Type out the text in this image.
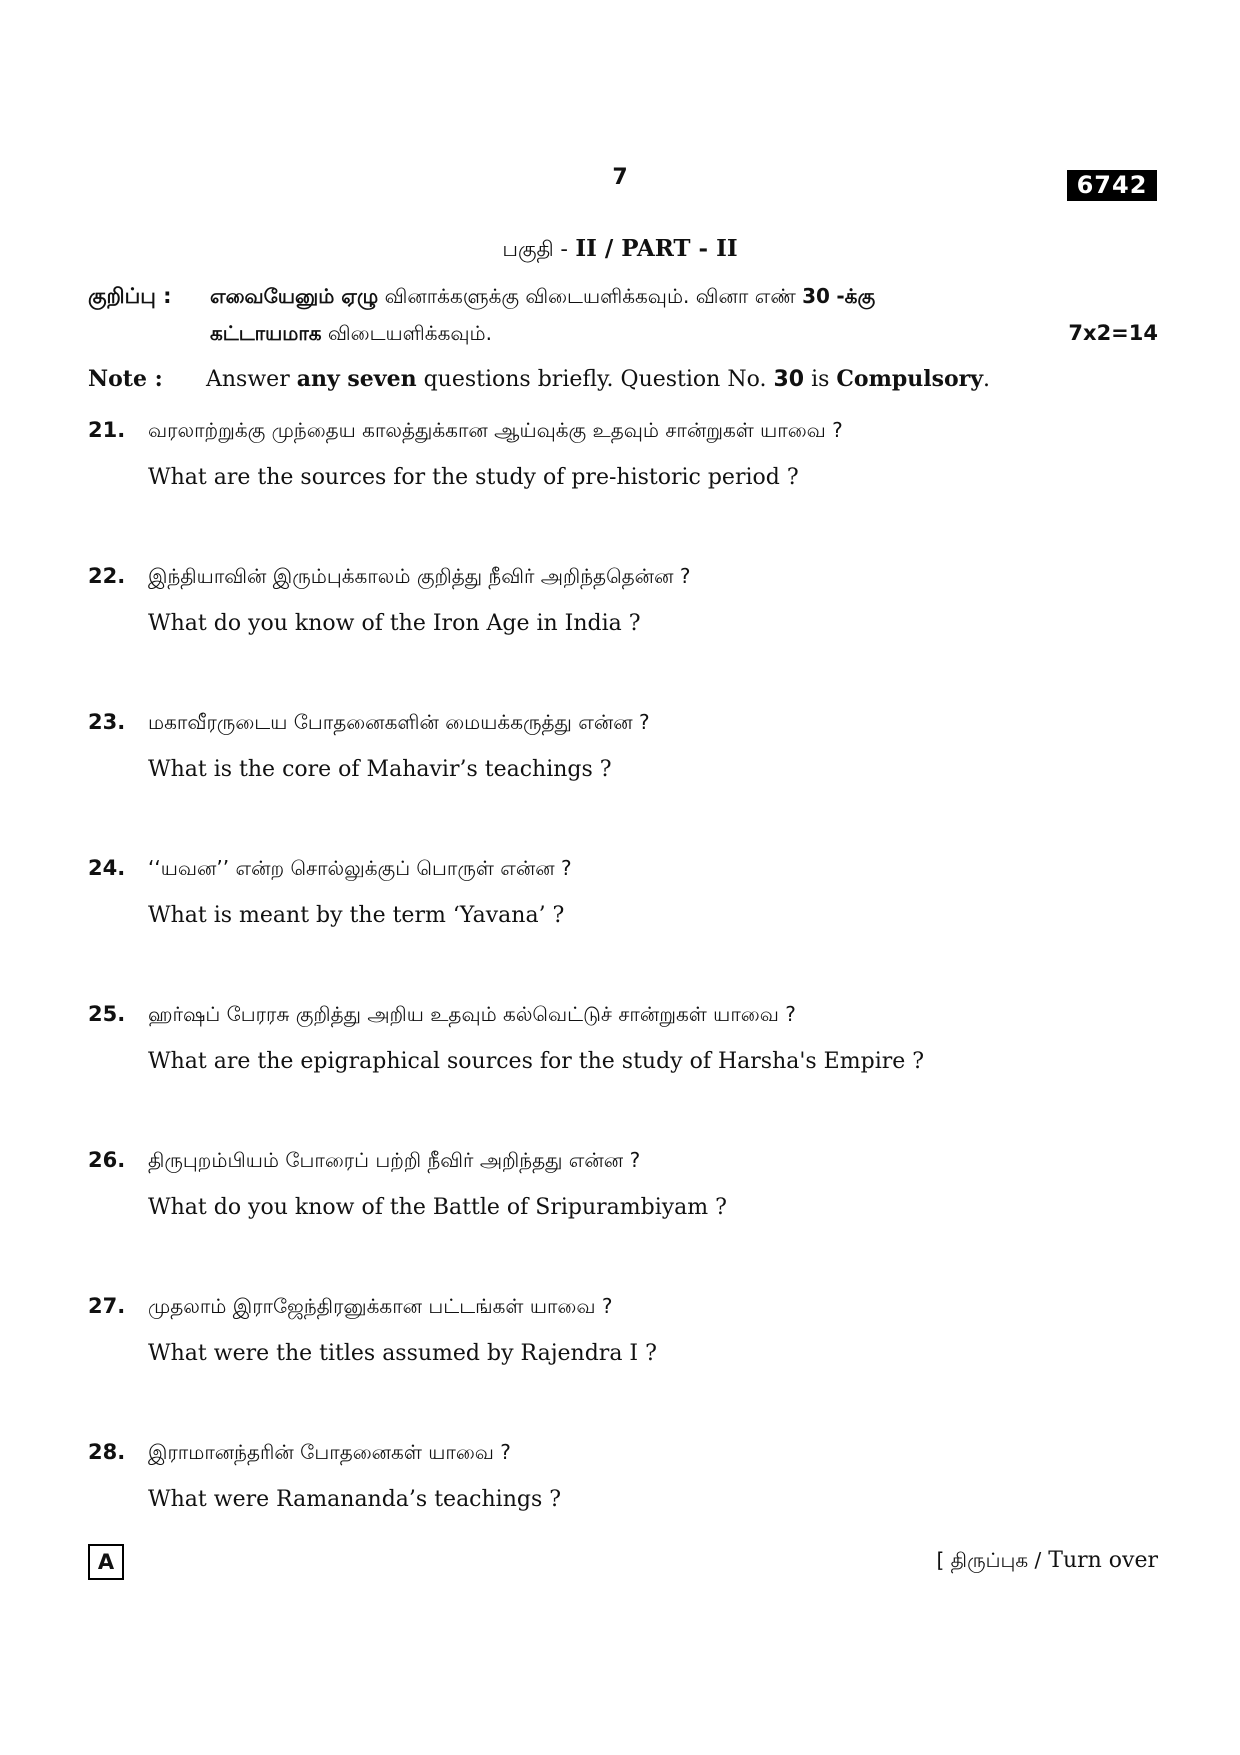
7	6742
பகுதி - II / PART - II
குறிப்பு : எவையேனும் ஏழு வினாக்களுக்கு விடையளிக்கவும். வினா எண் 30 -க்கு
கட்டாயமாக விடையளிக்கவும்.	7x2=14
Note : Answer any seven questions briefly. Question No. 30 is Compulsory.
21. வரலாற்றுக்கு முந்தைய காலத்துக்கான ஆய்வுக்கு உதவும் சான்றுகள் யாவை ?
What are the sources for the study of pre-historic period ?
22. இந்தியாவின் இரும்புக்காலம் குறித்து நீவிர் அறிந்ததென்ன ?
What do you know of the Iron Age in India ?
23. மகாவீரருடைய போதனைகளின் மையக்கருத்து என்ன ?
What is the core of Mahavir’s teachings ?
24. ‘‘யவன’’ என்ற சொல்லுக்குப் பொருள் என்ன ?
What is meant by the term ‘Yavana’ ?
25. ஹர்ஷப் பேரரசு குறித்து அறிய உதவும் கல்வெட்டுச் சான்றுகள் யாவை ?
What are the epigraphical sources for the study of Harsha's Empire ?
26. திருபுறம்பியம் போரைப் பற்றி நீவிர் அறிந்தது என்ன ?
What do you know of the Battle of Sripurambiyam ?
27. முதலாம் இராஜேந்திரனுக்கான பட்டங்கள் யாவை ?
What were the titles assumed by Rajendra I ?
28. இராமானந்தரின் போதனைகள் யாவை ?
What were Ramananda’s teachings ?
A	[ திருப்புக / Turn over
